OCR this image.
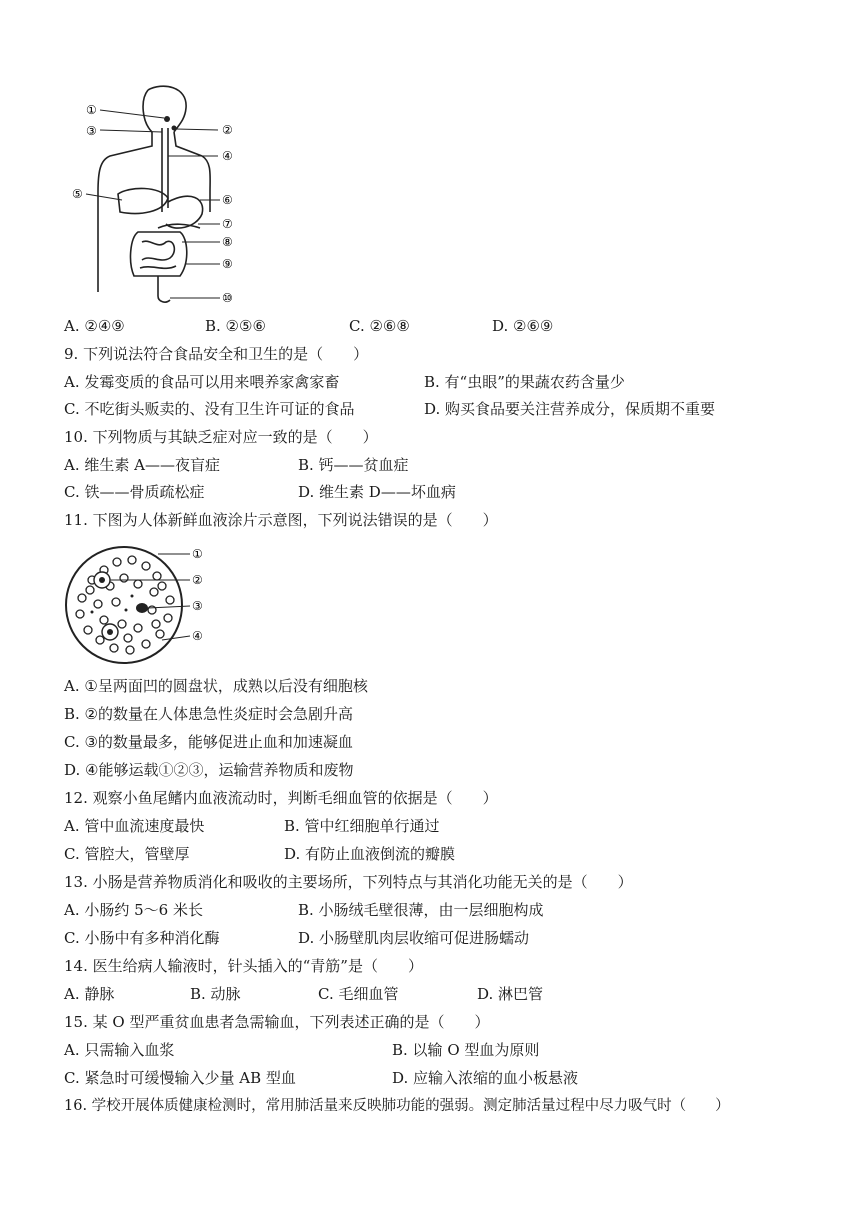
①
②
③
④
⑤	⑥
⑦
⑧
⑨
⑩
A. ②④⑨	B. ②⑤⑥	C. ②⑥⑧	D. ②⑥⑨
9. 下列说法符合食品安全和卫生的是（　　）
A. 发霉变质的食品可以用来喂养家禽家畜	B. 有“虫眼”的果蔬农药含量少
C. 不吃街头贩卖的、没有卫生许可证的食品	D. 购买食品要关注营养成分，保质期不重要
10. 下列物质与其缺乏症对应一致的是（　　）
A. 维生素 A——夜盲症	B. 钙——贫血症
C. 铁——骨质疏松症	D. 维生素 D——坏血病
11. 下图为人体新鲜血液涂片示意图，下列说法错误的是（　　）
①
②
③
④
A. ①呈两面凹的圆盘状，成熟以后没有细胞核
B. ②的数量在人体患急性炎症时会急剧升高
C. ③的数量最多，能够促进止血和加速凝血
D. ④能够运载①②③，运输营养物质和废物
12. 观察小鱼尾鳍内血液流动时，判断毛细血管的依据是（　　）
A. 管中血流速度最快	B. 管中红细胞单行通过
C. 管腔大，管壁厚	D. 有防止血液倒流的瓣膜
13. 小肠是营养物质消化和吸收的主要场所，下列特点与其消化功能无关的是（　　）
A. 小肠约 5～6 米长	B. 小肠绒毛壁很薄，由一层细胞构成
C. 小肠中有多种消化酶	D. 小肠壁肌肉层收缩可促进肠蠕动
14. 医生给病人输液时，针头插入的“青筋”是（　　）
A. 静脉	B. 动脉	C. 毛细血管	D. 淋巴管
15. 某 O 型严重贫血患者急需输血，下列表述正确的是（　　）
A. 只需输入血浆	B. 以输 O 型血为原则
C. 紧急时可缓慢输入少量 AB 型血	D. 应输入浓缩的血小板悬液
16. 学校开展体质健康检测时，常用肺活量来反映肺功能的强弱。测定肺活量过程中尽力吸气时（　　）
